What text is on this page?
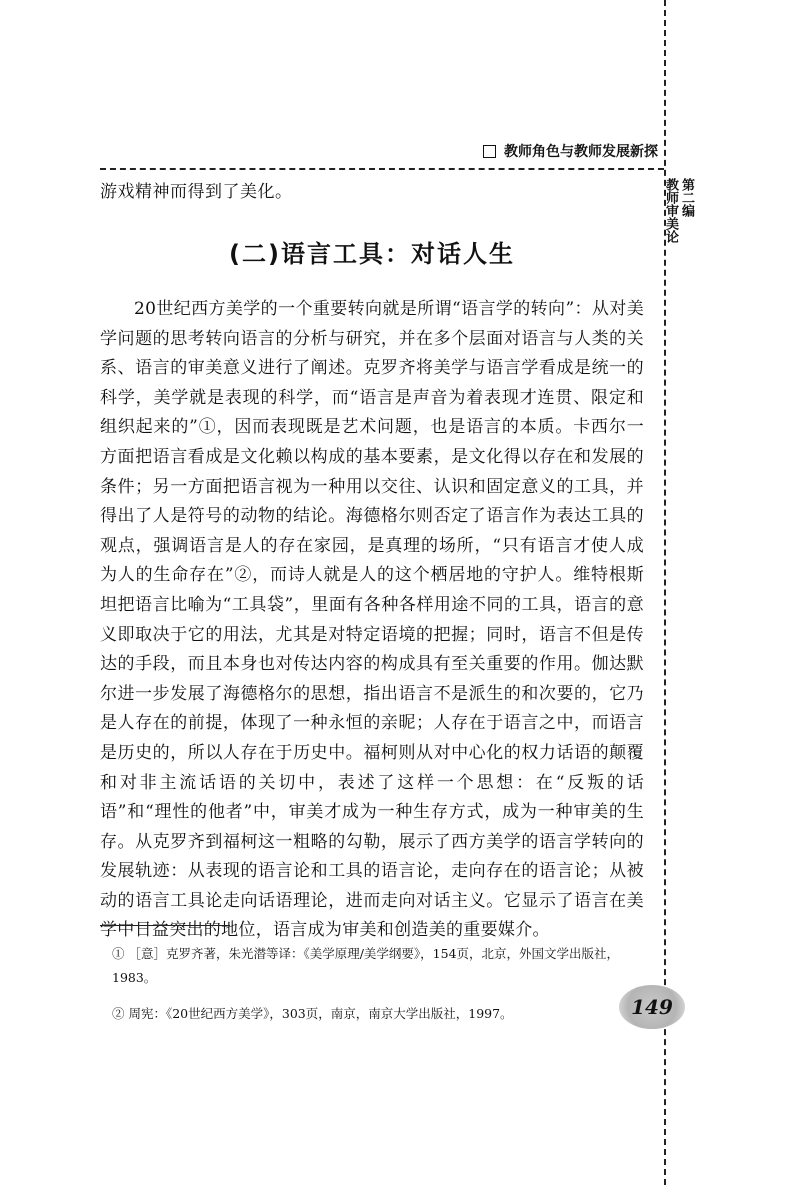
教师角色与教师发展新探
第二编
教师审美论

游戏精神而得到了美化。

(二)语言工具：对话人生

20世纪西方美学的一个重要转向就是所谓“语言学的转向”：从对美学问题的思考转向语言的分析与研究，并在多个层面对语言与人类的关系、语言的审美意义进行了阐述。克罗齐将美学与语言学看成是统一的科学，美学就是表现的科学，而“语言是声音为着表现才连贯、限定和组织起来的”①，因而表现既是艺术问题，也是语言的本质。卡西尔一方面把语言看成是文化赖以构成的基本要素，是文化得以存在和发展的条件；另一方面把语言视为一种用以交往、认识和固定意义的工具，并得出了人是符号的动物的结论。海德格尔则否定了语言作为表达工具的观点，强调语言是人的存在家园，是真理的场所，“只有语言才使人成为人的生命存在”②，而诗人就是人的这个栖居地的守护人。维特根斯坦把语言比喻为“工具袋”，里面有各种各样用途不同的工具，语言的意义即取决于它的用法，尤其是对特定语境的把握；同时，语言不但是传达的手段，而且本身也对传达内容的构成具有至关重要的作用。伽达默尔进一步发展了海德格尔的思想，指出语言不是派生的和次要的，它乃是人存在的前提，体现了一种永恒的亲昵；人存在于语言之中，而语言是历史的，所以人存在于历史中。福柯则从对中心化的权力话语的颠覆和对非主流话语的关切中，表述了这样一个思想：在“反叛的话语”和“理性的他者”中，审美才成为一种生存方式，成为一种审美的生存。从克罗齐到福柯这一粗略的勾勒，展示了西方美学的语言学转向的发展轨迹：从表现的语言论和工具的语言论，走向存在的语言论；从被动的语言工具论走向话语理论，进而走向对话主义。它显示了语言在美学中日益突出的地位，语言成为审美和创造美的重要媒介。

① ［意］克罗齐著，朱光潜等译：《美学原理/美学纲要》，154页，北京，外国文学出版社，1983。

② 周宪：《20世纪西方美学》，303页，南京，南京大学出版社，1997。	149
